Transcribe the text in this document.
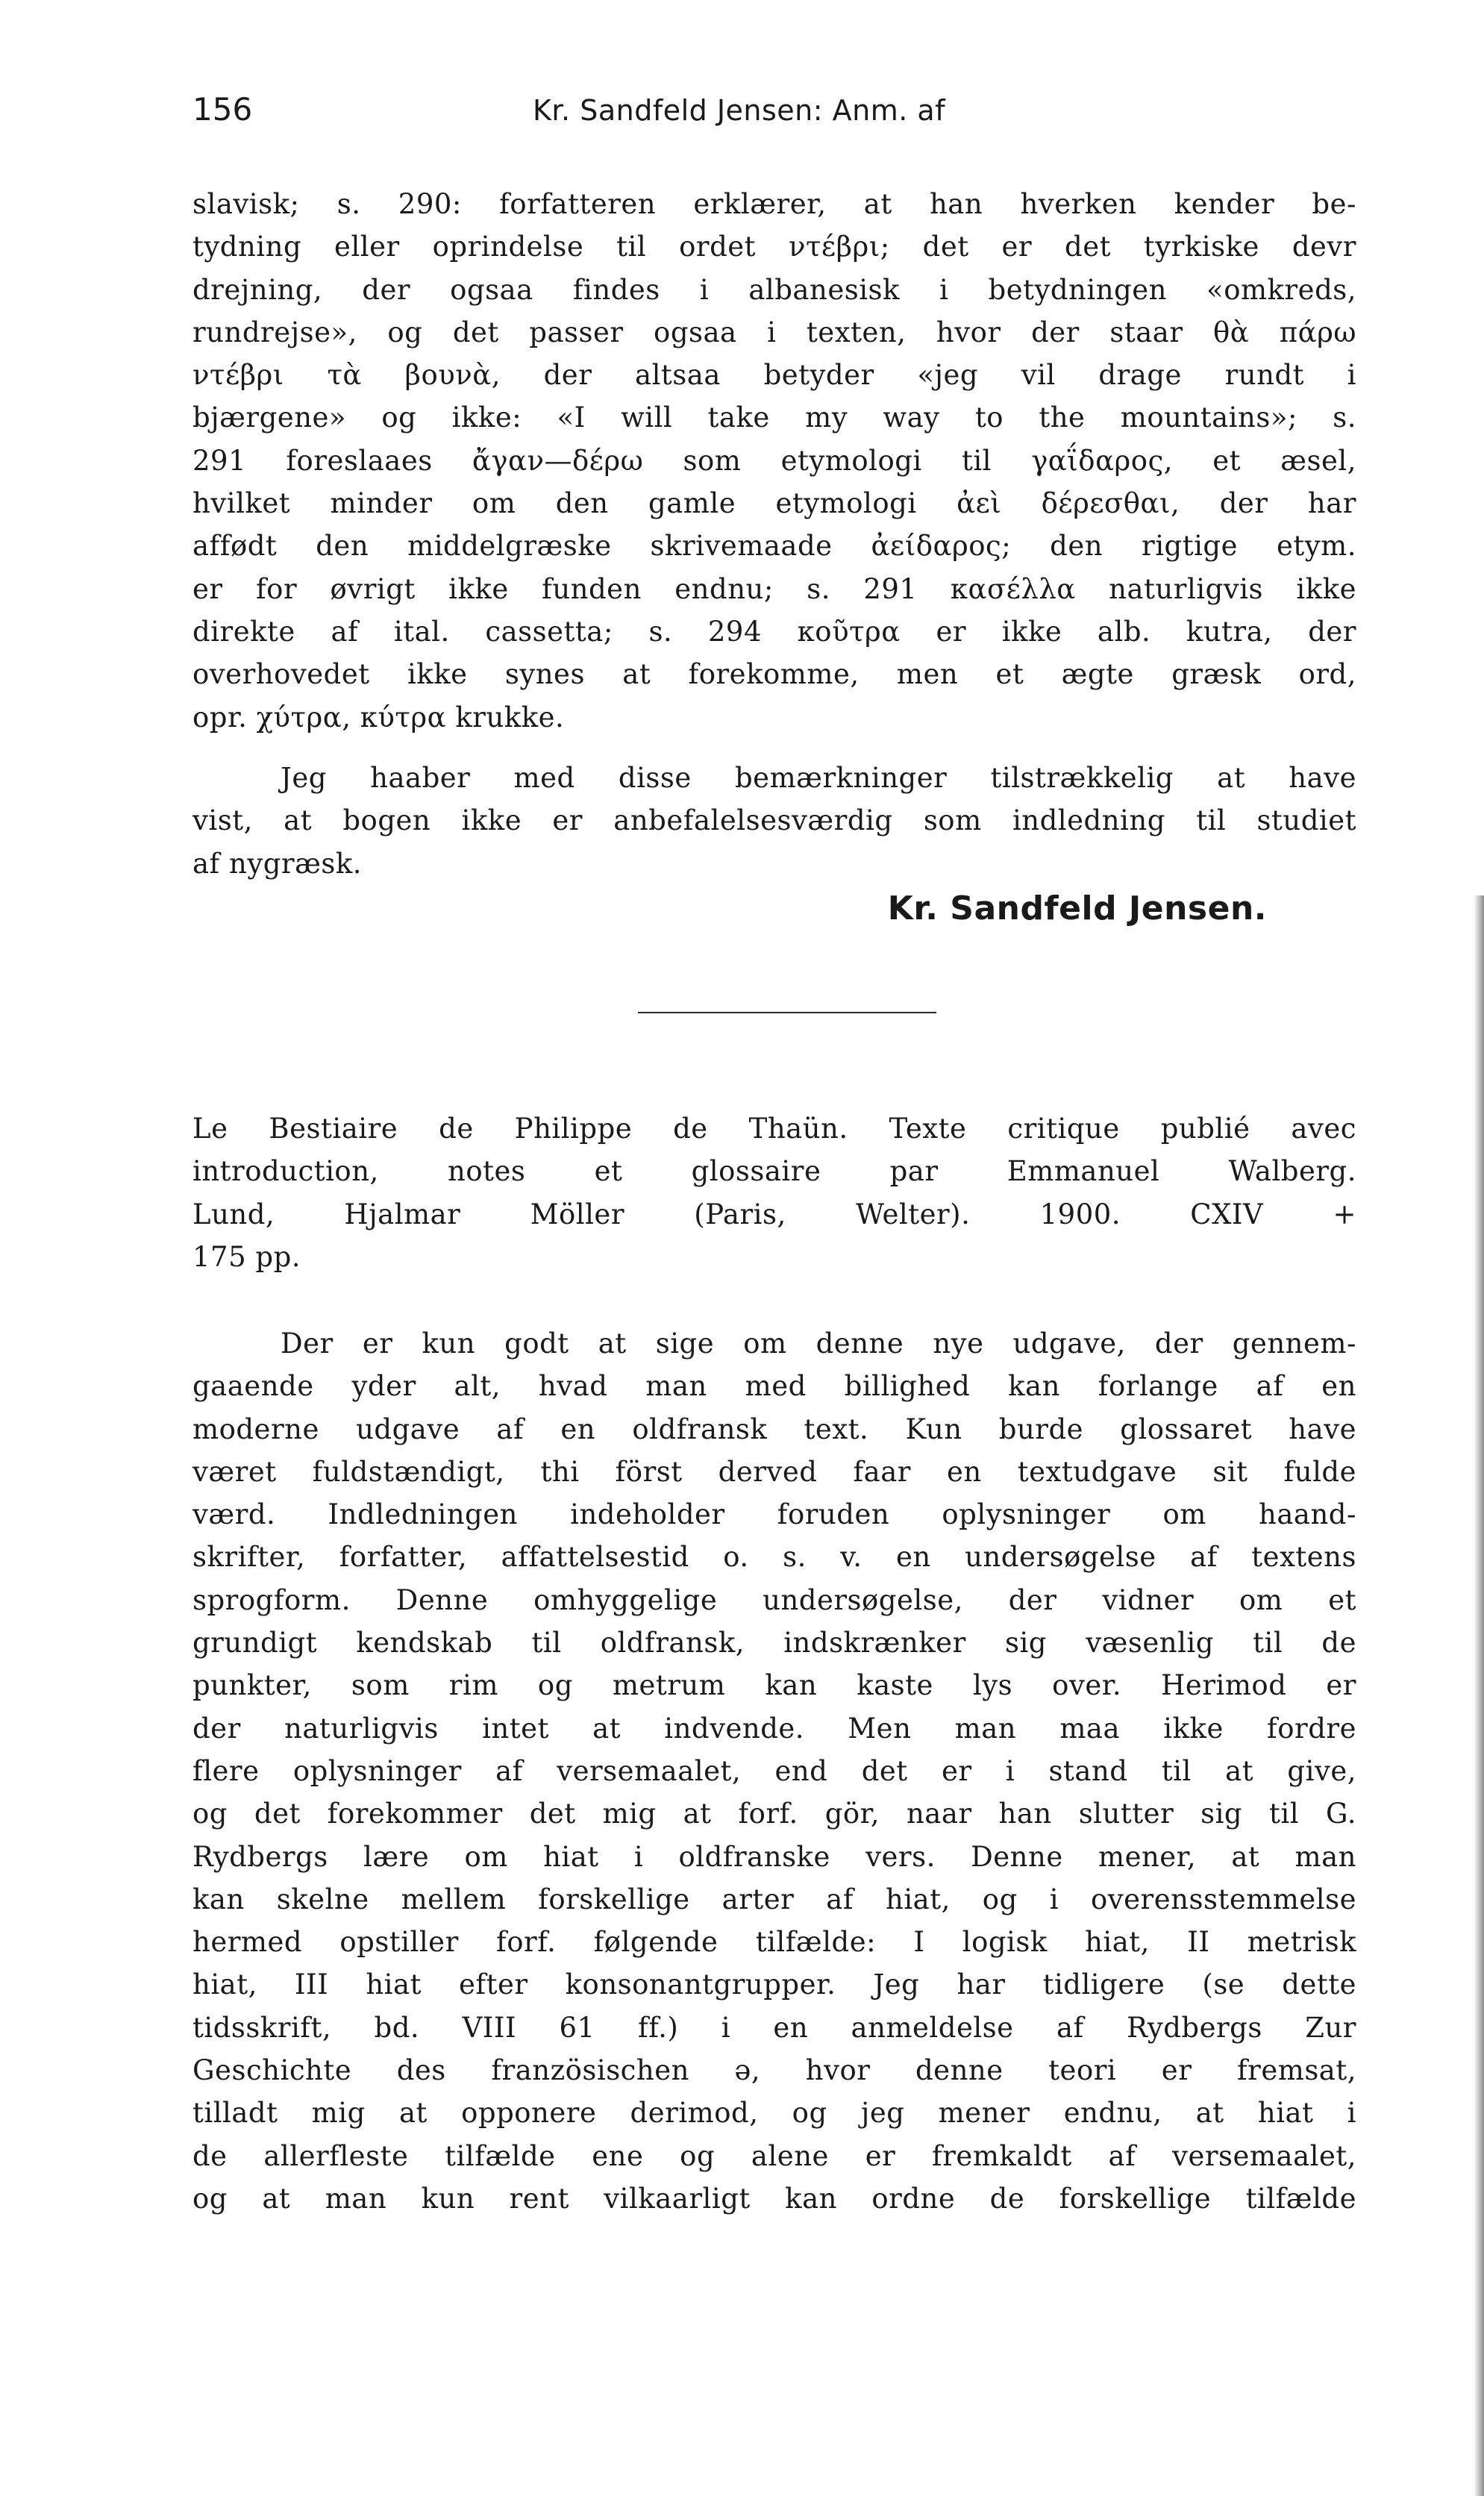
156	Kr. Sandfeld Jensen: Anm. af

slavisk; s. 290: forfatteren erklærer, at han hverken kender be-

tydning eller oprindelse til ordet ντέβρι; det er det tyrkiske devr

drejning, der ogsaa findes i albanesisk i betydningen «omkreds,

rundrejse», og det passer ogsaa i texten, hvor der staar θὰ πάρω

ντέβρι τὰ βουνὰ, der altsaa betyder «jeg vil drage rundt i

bjærgene» og ikke: «I will take my way to the mountains»; s.

291 foreslaaes ἄγαν—δέρω som etymologi til γαΐδαρος, et æsel,

hvilket minder om den gamle etymologi ἀεὶ δέρεσθαι, der har

affødt den middelgræske skrivemaade ἀείδαρος; den rigtige etym.

er for øvrigt ikke funden endnu; s. 291 κασέλλα naturligvis ikke

direkte af ital. cassetta; s. 294 κοῦτρα er ikke alb. kutra, der

overhovedet ikke synes at forekomme, men et ægte græsk ord,

opr. χύτρα, κύτρα krukke.

Jeg haaber med disse bemærkninger tilstrækkelig at have

vist, at bogen ikke er anbefalelsesværdig som indledning til studiet

af nygræsk.

Kr. Sandfeld Jensen.

Le Bestiaire de Philippe de Thaün. Texte critique publié avec

introduction, notes et glossaire par Emmanuel Walberg.

Lund, Hjalmar Möller (Paris, Welter). 1900. CXIV +

175 pp.

Der er kun godt at sige om denne nye udgave, der gennem-

gaaende yder alt, hvad man med billighed kan forlange af en

moderne udgave af en oldfransk text. Kun burde glossaret have

været fuldstændigt, thi först derved faar en textudgave sit fulde

værd. Indledningen indeholder foruden oplysninger om haand-

skrifter, forfatter, affattelsestid o. s. v. en undersøgelse af textens

sprogform. Denne omhyggelige undersøgelse, der vidner om et

grundigt kendskab til oldfransk, indskrænker sig væsenlig til de

punkter, som rim og metrum kan kaste lys over. Herimod er

der naturligvis intet at indvende. Men man maa ikke fordre

flere oplysninger af versemaalet, end det er i stand til at give,

og det forekommer det mig at forf. gör, naar han slutter sig til G.

Rydbergs lære om hiat i oldfranske vers. Denne mener, at man

kan skelne mellem forskellige arter af hiat, og i overensstemmelse

hermed opstiller forf. følgende tilfælde: I logisk hiat, II metrisk

hiat, III hiat efter konsonantgrupper. Jeg har tidligere (se dette

tidsskrift, bd. VIII 61 ff.) i en anmeldelse af Rydbergs Zur

Geschichte des französischen ə, hvor denne teori er fremsat,

tilladt mig at opponere derimod, og jeg mener endnu, at hiat i

de allerfleste tilfælde ene og alene er fremkaldt af versemaalet,

og at man kun rent vilkaarligt kan ordne de forskellige tilfælde
